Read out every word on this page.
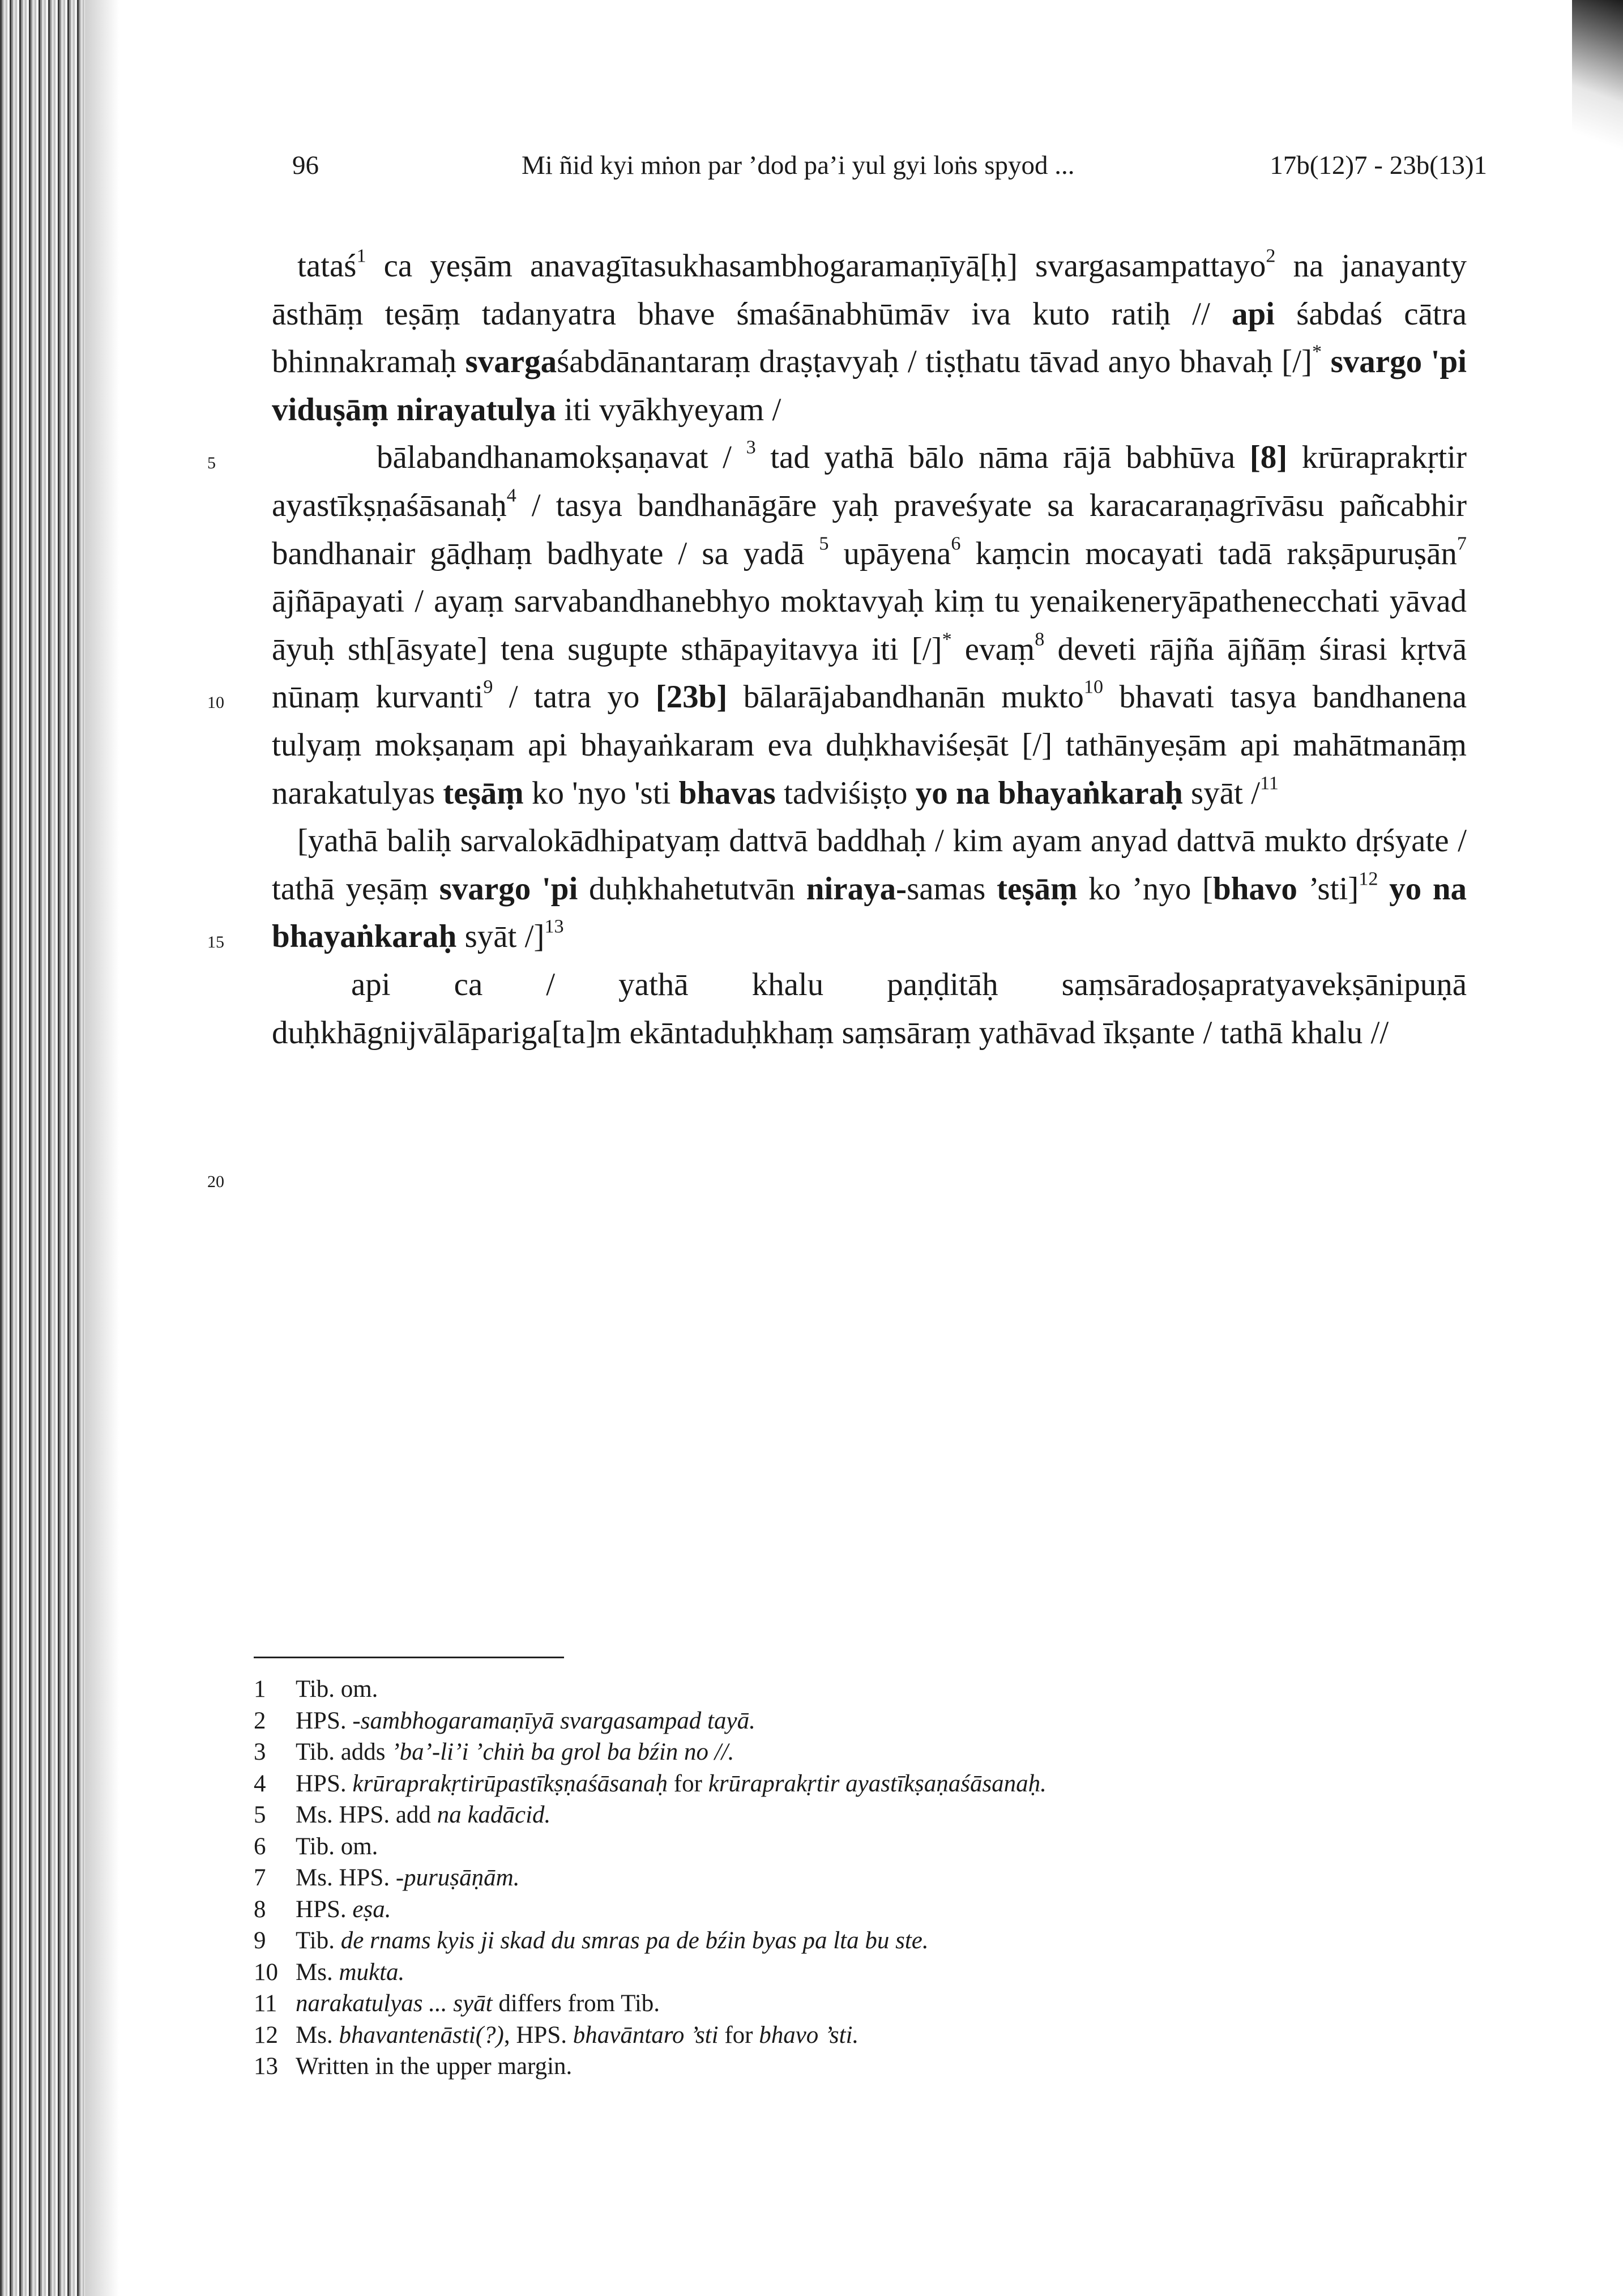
96	Mi ñid kyi mṅon par ’dod pa’i yul gyi loṅs spyod ...	17b(12)7 - 23b(13)1
5
10
15
20

tataś$^1$ ca yeṣām anavagītasukhasambhogaramaṇīyā[ḥ] svargasampattayo$^2$ na janayanty āsthāṃ teṣāṃ tadanyatra bhave śmaśānabhūmāv iva kuto ratiḥ // api śabdaś cātra bhinnakramaḥ svargaśabdānantaraṃ draṣṭavyaḥ / tiṣṭhatu tāvad anyo bhavaḥ [/]* svargo 'pi viduṣāṃ nirayatulya iti vyākhyeyam /

bālabandhanamokṣaṇavat / $^3$ tad yathā bālo nāma rājā babhūva [8] krūraprakṛtir ayastīkṣṇaśāsanaḥ$^4$ / tasya bandhanāgāre yaḥ praveśyate sa karacaraṇagrīvāsu pañcabhir bandhanair gāḍhaṃ badhyate / sa yadā $^5$ upāyena$^6$ kaṃcin mocayati tadā rakṣāpuruṣān$^7$ ājñāpayati / ayaṃ sarvabandhanebhyo moktavyaḥ kiṃ tu yenaikeneryāpathenecchati yāvad āyuḥ sth[āsyate] tena sugupte sthāpayitavya iti [/]* evaṃ$^8$ deveti rājña ājñāṃ śirasi kṛtvā nūnaṃ kurvanti$^9$ / tatra yo [23b] bālarājabandhanān mukto$^{10}$ bhavati tasya bandhanena tulyaṃ mokṣaṇam api bhayaṅkaram eva duḥkhaviśeṣāt [/] tathānyeṣām api mahātmanāṃ narakatulyas teṣāṃ ko 'nyo 'sti bhavas tadviśiṣṭo yo na bhayaṅkaraḥ syāt /$^{11}$

[yathā baliḥ sarvalokādhipatyaṃ dattvā baddhaḥ / kim ayam anyad dattvā mukto dṛśyate / tathā yeṣāṃ svargo 'pi duḥkhahetutvān niraya-samas teṣāṃ ko ’nyo [bhavo ’sti]$^{12}$ yo na bhayaṅkaraḥ syāt /]$^{13}$

api ca / yathā khalu paṇḍitāḥ saṃsāradoṣapratyavekṣānipuṇā duḥkhāgnijvālāpariga[ta]m ekāntaduḥkhaṃ saṃsāraṃ yathāvad īkṣante / tathā khalu //

1 Tib. om.
2 HPS. -sambhogaramaṇīyā svargasampad tayā.
3 Tib. adds ’ba’-li’i ’chiṅ ba grol ba bźin no //.
4 HPS. krūraprakṛtirūpastīkṣṇaśāsanaḥ for krūraprakṛtir ayastīkṣaṇaśāsanaḥ.
5 Ms. HPS. add na kadācid.
6 Tib. om.
7 Ms. HPS. -puruṣāṇām.
8 HPS. eṣa.
9 Tib. de rnams kyis ji skad du smras pa de bźin byas pa lta bu ste.
10 Ms. mukta.
11 narakatulyas ... syāt differs from Tib.
12 Ms. bhavantenāsti(?), HPS. bhavāntaro ’sti for bhavo ’sti.
13 Written in the upper margin.
